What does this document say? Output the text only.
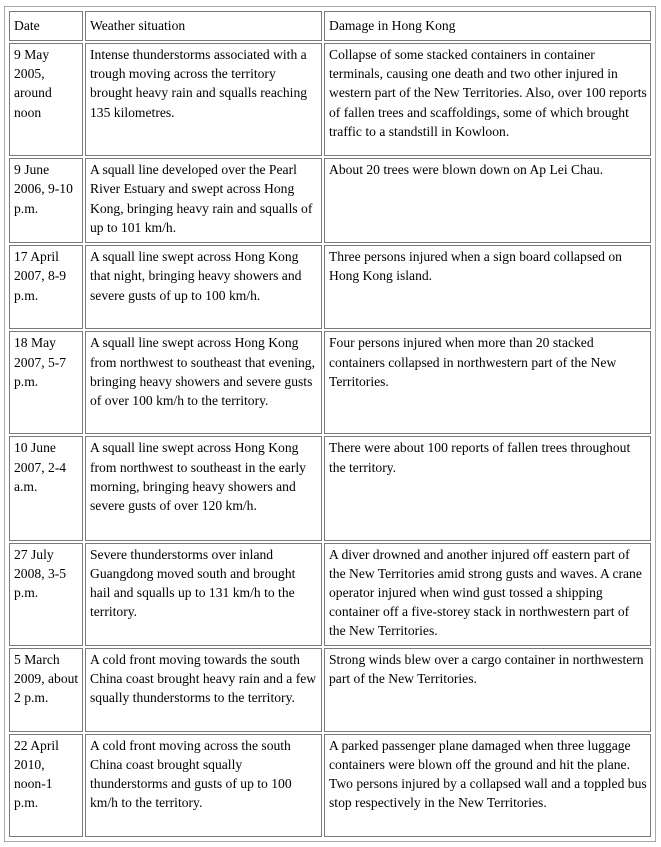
Date	Weather situation	Damage in Hong Kong

9 May 2005, around noon	Intense thunderstorms associated with a trough moving across the territory brought heavy rain and squalls reaching 135 kilometres.	Collapse of some stacked containers in container terminals, causing one death and two other injured in western part of the New Territories. Also, over 100 reports of fallen trees and scaffoldings, some of which brought traffic to a standstill in Kowloon.

9 June 2006, 9-10 p.m.	A squall line developed over the Pearl River Estuary and swept across Hong Kong, bringing heavy rain and squalls of up to 101 km/h.	About 20 trees were blown down on Ap Lei Chau.

17 April 2007, 8-9 p.m.	A squall line swept across Hong Kong that night, bringing heavy showers and severe gusts of up to 100 km/h.	Three persons injured when a sign board collapsed on Hong Kong island.

18 May 2007, 5-7 p.m.	A squall line swept across Hong Kong from northwest to southeast that evening, bringing heavy showers and severe gusts of over 100 km/h to the territory.	Four persons injured when more than 20 stacked containers collapsed in northwestern part of the New Territories.

10 June 2007, 2-4 a.m.	A squall line swept across Hong Kong from northwest to southeast in the early morning, bringing heavy showers and severe gusts of over 120 km/h.	There were about 100 reports of fallen trees throughout the territory.

27 July 2008, 3-5 p.m.	Severe thunderstorms over inland Guangdong moved south and brought hail and squalls up to 131 km/h to the territory.	A diver drowned and another injured off eastern part of the New Territories amid strong gusts and waves. A crane operator injured when wind gust tossed a shipping container off a five-storey stack in northwestern part of the New Territories.

5 March 2009, about 2 p.m.	A cold front moving towards the south China coast brought heavy rain and a few squally thunderstorms to the territory.	Strong winds blew over a cargo container in northwestern part of the New Territories.

22 April 2010, noon-1 p.m.	A cold front moving across the south China coast brought squally thunderstorms and gusts of up to 100 km/h to the territory.	A parked passenger plane damaged when three luggage containers were blown off the ground and hit the plane. Two persons injured by a collapsed wall and a toppled bus stop respectively in the New Territories.
